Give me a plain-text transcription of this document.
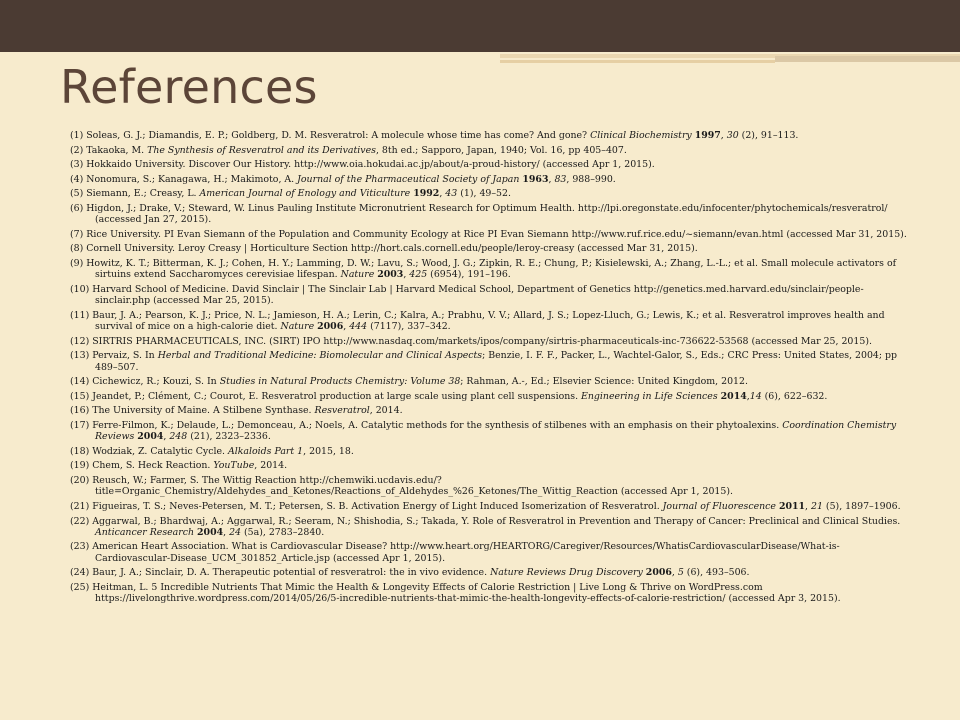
References
(1) Soleas, G. J.; Diamandis, E. P.; Goldberg, D. M. Resveratrol: A molecule whose time has come? And gone? Clinical Biochemistry 1997, 30 (2), 91–113.
(2) Takaoka, M. The Synthesis of Resveratrol and its Derivatives, 8th ed.; Sapporo, Japan, 1940; Vol. 16, pp 405–407.
(3) Hokkaido University. Discover Our History. http://www.oia.hokudai.ac.jp/about/a-proud-history/ (accessed Apr 1, 2015).
(4) Nonomura, S.; Kanagawa, H.; Makimoto, A. Journal of the Pharmaceutical Society of Japan 1963, 83, 988–990.
(5) Siemann, E.; Creasy, L. American Journal of Enology and Viticulture 1992, 43 (1), 49–52.
(6) Higdon, J.; Drake, V.; Steward, W. Linus Pauling Institute Micronutrient Research for Optimum Health. http://lpi.oregonstate.edu/infocenter/phytochemicals/resveratrol/ (accessed Jan 27, 2015).
(7) Rice University. PI Evan Siemann of the Population and Community Ecology at Rice PI Evan Siemann http://www.ruf.rice.edu/~siemann/evan.html (accessed Mar 31, 2015).
(8) Cornell University. Leroy Creasy | Horticulture Section http://hort.cals.cornell.edu/people/leroy-creasy (accessed Mar 31, 2015).
(9) Howitz, K. T.; Bitterman, K. J.; Cohen, H. Y.; Lamming, D. W.; Lavu, S.; Wood, J. G.; Zipkin, R. E.; Chung, P.; Kisielewski, A.; Zhang, L.-L.; et al. Small molecule activators of sirtuins extend Saccharomyces cerevisiae lifespan. Nature 2003, 425 (6954), 191–196.
(10) Harvard School of Medicine. David Sinclair | The Sinclair Lab | Harvard Medical School, Department of Genetics http://genetics.med.harvard.edu/sinclair/people-sinclair.php (accessed Mar 25, 2015).
(11) Baur, J. A.; Pearson, K. J.; Price, N. L.; Jamieson, H. A.; Lerin, C.; Kalra, A.; Prabhu, V. V.; Allard, J. S.; Lopez-Lluch, G.; Lewis, K.; et al. Resveratrol improves health and survival of mice on a high-calorie diet. Nature 2006, 444 (7117), 337–342.
(12) SIRTRIS PHARMACEUTICALS, INC. (SIRT) IPO http://www.nasdaq.com/markets/ipos/company/sirtris-pharmaceuticals-inc-736622-53568 (accessed Mar 25, 2015).
(13) Pervaiz, S. In Herbal and Traditional Medicine: Biomolecular and Clinical Aspects; Benzie, I. F. F., Packer, L., Wachtel-Galor, S., Eds.; CRC Press: United States, 2004; pp 489–507.
(14) Cichewicz, R.; Kouzi, S. In Studies in Natural Products Chemistry: Volume 38; Rahman, A.-, Ed.; Elsevier Science: United Kingdom, 2012.
(15) Jeandet, P.; Clément, C.; Courot, E. Resveratrol production at large scale using plant cell suspensions. Engineering in Life Sciences 2014,14 (6), 622–632.
(16) The University of Maine. A Stilbene Synthase. Resveratrol, 2014.
(17) Ferre-Filmon, K.; Delaude, L.; Demonceau, A.; Noels, A. Catalytic methods for the synthesis of stilbenes with an emphasis on their phytoalexins. Coordination Chemistry Reviews 2004, 248 (21), 2323–2336.
(18) Wodziak, Z. Catalytic Cycle. Alkaloids Part 1, 2015, 18.
(19) Chem, S. Heck Reaction. YouTube, 2014.
(20) Reusch, W.; Farmer, S. The Wittig Reaction http://chemwiki.ucdavis.edu/?title=Organic_Chemistry/Aldehydes_and_Ketones/Reactions_of_Aldehydes_%26_Ketones/The_Wittig_Reaction (accessed Apr 1, 2015).
(21) Figueiras, T. S.; Neves-Petersen, M. T.; Petersen, S. B. Activation Energy of Light Induced Isomerization of Resveratrol. Journal of Fluorescence 2011, 21 (5), 1897–1906.
(22) Aggarwal, B.; Bhardwaj, A.; Aggarwal, R.; Seeram, N.; Shishodia, S.; Takada, Y. Role of Resveratrol in Prevention and Therapy of Cancer: Preclinical and Clinical Studies. Anticancer Research 2004, 24 (5a), 2783–2840.
(23) American Heart Association. What is Cardiovascular Disease? http://www.heart.org/HEARTORG/Caregiver/Resources/WhatisCardiovascularDisease/What-is-Cardiovascular-Disease_UCM_301852_Article.jsp (accessed Apr 1, 2015).
(24) Baur, J. A.; Sinclair, D. A. Therapeutic potential of resveratrol: the in vivo evidence. Nature Reviews Drug Discovery 2006, 5 (6), 493–506.
(25) Heitman, L. 5 Incredible Nutrients That Mimic the Health & Longevity Effects of Calorie Restriction | Live Long & Thrive on WordPress.com https://livelongthrive.wordpress.com/2014/05/26/5-incredible-nutrients-that-mimic-the-health-longevity-effects-of-calorie-restriction/ (accessed Apr 3, 2015).
